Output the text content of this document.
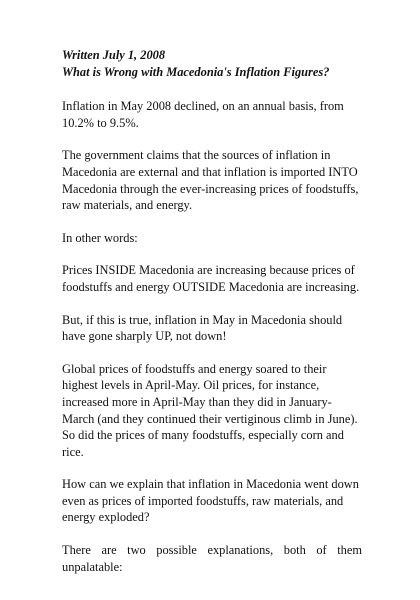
Written July 1, 2008

What is Wrong with Macedonia's Inflation Figures?

Inflation in May 2008 declined, on an annual basis, from 10.2% to 9.5%.

The government claims that the sources of inflation in Macedonia are external and that inflation is imported INTO Macedonia through the ever-increasing prices of foodstuffs, raw materials, and energy.

In other words:

Prices INSIDE Macedonia are increasing because prices of foodstuffs and energy OUTSIDE Macedonia are increasing.

But, if this is true, inflation in May in Macedonia should have gone sharply UP, not down!

Global prices of foodstuffs and energy soared to their highest levels in April-May. Oil prices, for instance, increased more in April-May than they did in January-March (and they continued their vertiginous climb in June). So did the prices of many foodstuffs, especially corn and rice.

How can we explain that inflation in Macedonia went down even as prices of imported foodstuffs, raw materials, and energy exploded?

There are two possible explanations, both of them unpalatable:
